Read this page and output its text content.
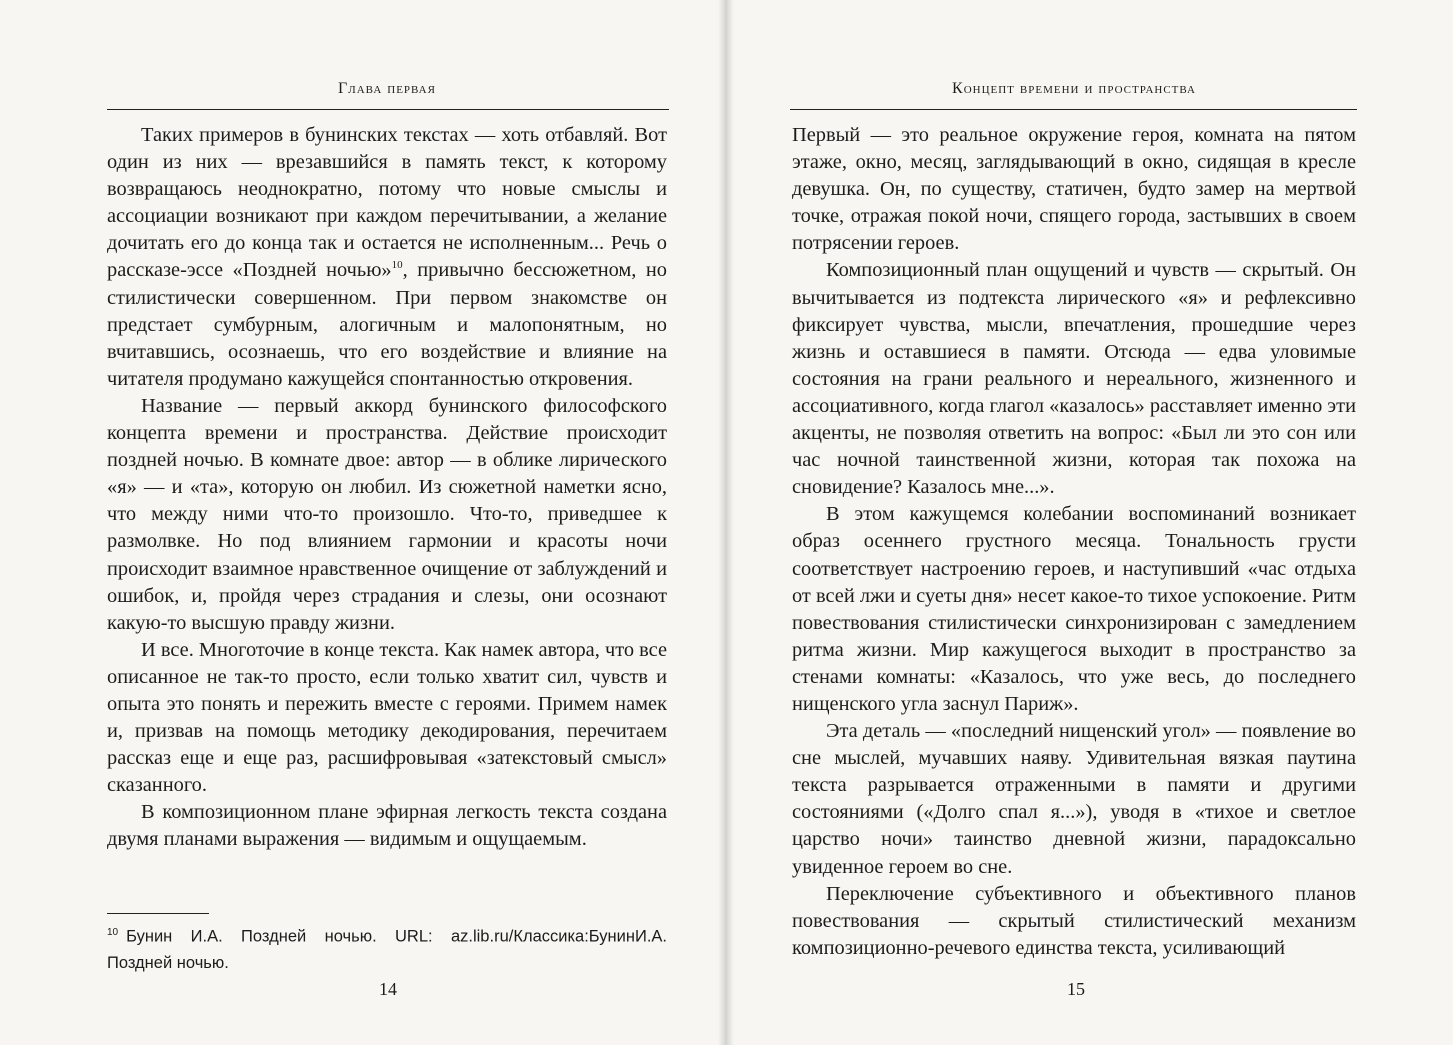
Глава первая

Таких примеров в бунинских текстах — хоть отбавляй. Вот один из них — врезавшийся в память текст, к которому возвращаюсь неоднократно, потому что новые смыслы и ассоциации возникают при каждом перечитывании, а желание дочитать его до конца так и остается не исполненным... Речь о рассказе-эссе «Поздней ночью»$^{10}$, привычно бессюжетном, но стилистически совершенном. При первом знакомстве он предстает сумбурным, алогичным и малопонятным, но вчитавшись, осознаешь, что его воздействие и влияние на читателя продумано кажущейся спонтанностью откровения.

Название — первый аккорд бунинского философского концепта времени и пространства. Действие происходит поздней ночью. В комнате двое: автор — в облике лирического «я» — и «та», которую он любил. Из сюжетной наметки ясно, что между ними что-то произошло. Что-то, приведшее к размолвке. Но под влиянием гармонии и красоты ночи происходит взаимное нравственное очищение от заблуждений и ошибок, и, пройдя через страдания и слезы, они осознают какую-то высшую правду жизни.

И все. Многоточие в конце текста. Как намек автора, что все описанное не так-то просто, если только хватит сил, чувств и опыта это понять и пережить вместе с героями. Примем намек и, призвав на помощь методику декодирования, перечитаем рассказ еще и еще раз, расшифровывая «затекстовый смысл» сказанного.

В композиционном плане эфирная легкость текста создана двумя планами выражения — видимым и ощущаемым.

$^{10}$ Бунин И.А. Поздней ночью. URL: az.lib.ru/Классика:БунинИ.А. Поздней ночью.
14
Концепт времени и пространства

Первый — это реальное окружение героя, комната на пятом этаже, окно, месяц, заглядывающий в окно, сидящая в кресле девушка. Он, по существу, статичен, будто замер на мертвой точке, отражая покой ночи, спящего города, застывших в своем потрясении героев.

Композиционный план ощущений и чувств — скрытый. Он вычитывается из подтекста лирического «я» и рефлексивно фиксирует чувства, мысли, впечатления, прошедшие через жизнь и оставшиеся в памяти. Отсюда — едва уловимые состояния на грани реального и нереального, жизненного и ассоциативного, когда глагол «казалось» расставляет именно эти акценты, не позволяя ответить на вопрос: «Был ли это сон или час ночной таинственной жизни, которая так похожа на сновидение? Казалось мне...».

В этом кажущемся колебании воспоминаний возникает образ осеннего грустного месяца. Тональность грусти соответствует настроению героев, и наступивший «час отдыха от всей лжи и суеты дня» несет какое-то тихое успокоение. Ритм повествования стилистически синхронизирован с замедлением ритма жизни. Мир кажущегося выходит в пространство за стенами комнаты: «Казалось, что уже весь, до последнего нищенского угла заснул Париж».

Эта деталь — «последний нищенский угол» — появление во сне мыслей, мучавших наяву. Удивительная вязкая паутина текста разрывается отраженными в памяти и другими состояниями («Долго спал я...»), уводя в «тихое и светлое царство ночи» таинство дневной жизни, парадоксально увиденное героем во сне.

Переключение субъективного и объективного планов повествования — скрытый стилистический механизм композиционно-речевого единства текста, усиливающий

15
